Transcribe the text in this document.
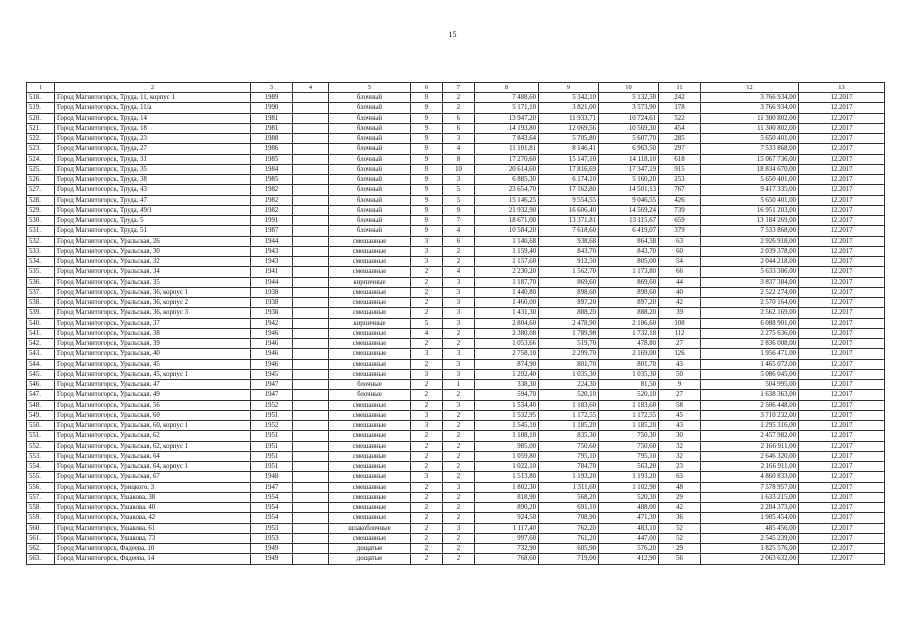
15
1	2	3	4	5	6	7	8	9	10	11	12	13
518.	Город Магнитогорск, Труда, 11, корпус 1	1989		блочный	9	2	7 488,60	5 342,10	5 132,50	242	3 766 934,00	12.2017
519.	Город Магнитогорск, Труда, 11/а	1990		блочный	9	2	5 171,10	3 821,00	3 573,90	178	3 766 934,00	12.2017
520.	Город Магнитогорск, Труда, 14	1981		блочный	9	6	13 947,20	11 933,71	10 724,61	522	11 300 802,00	12.2017
521.	Город Магнитогорск, Труда, 18	1981		блочный	9	6	14 193,80	12 069,56	10 569,30	454	11 300 802,00	12.2017
522.	Город Магнитогорск, Труда, 23	1988		блочный	9	3	7 843,64	5 705,80	5 607,70	285	5 650 401,00	12.2017
523.	Город Магнитогорск, Труда, 27	1986		блочный	9	4	11 101,81	8 146,41	6 963,50	297	7 533 868,00	12.2017
524.	Город Магнитогорск, Труда, 31	1985		блочный	9	8	17 270,60	15 147,10	14 118,10	618	15 067 736,00	12.2017
525.	Город Магнитогорск, Труда, 35	1984		блочный	9	10	20 614,60	17 816,69	17 347,19	915	18 834 670,00	12.2017
526.	Город Магнитогорск, Труда, 38	1985		блочный	9	3	6 885,30	6 174,10	5 160,20	253	5 650 401,00	12.2017
527.	Город Магнитогорск, Труда, 43	1982		блочный	9	5	23 654,70	17 162,80	14 501,13	767	9 417 335,00	12.2017
528.	Город Магнитогорск, Труда, 47	1982		блочный	9	5	15 146,25	9 554,55	9 046,55	426	5 650 401,00	12.2017
529.	Город Магнитогорск, Труда, 49/1	1982		блочный	9	9	21 932,90	16 606,40	14 569,24	739	16 951 203,00	12.2017
530.	Город Магнитогорск, Труда, 5	1991		блочный	9	7	18 671,00	13 371,81	13 115,67	659	13 184 269,00	12.2017
531.	Город Магнитогорск, Труда, 51	1987		блочный	9	4	10 584,20	7 618,60	6 419,07	379	7 533 868,00	12.2017
532.	Город Магнитогорск, Уральская, 26	1944		смешанные	3	6	1 140,68	938,68	864,58	63	2 926 918,00	12.2017
533.	Город Магнитогорск, Уральская, 30	1943		смешанные	3	2	1 159,40	843,70	843,70	60	2 039 378,00	12.2017
534.	Город Магнитогорск, Уральская, 32	1943		смешанные	3	2	1 157,60	912,50	805,00	54	2 044 218,00	12.2017
535.	Город Магнитогорск, Уральская, 34	1941		смешанные	2	4	2 230,20	1 562,70	1 173,80	66	5 633 386,00	12.2017
536.	Город Магнитогорск, Уральская, 35	1944		кирпичные	2	3	1 187,70	869,60	869,60	44	3 837 384,00	12.2017
537.	Город Магнитогорск, Уральская, 36, корпус 1	1938		смешанные	2	3	1 440,80	898,60	898,60	40	2 522 274,00	12.2017
538.	Город Магнитогорск, Уральская, 36, корпус 2	1938		смешанные	2	3	1 460,00	897,20	897,20	42	2 570 164,00	12.2017
539.	Город Магнитогорск, Уральская, 36, корпус 3	1938		смешанные	2	3	1 431,30	888,20	888,20	39	2 562 169,00	12.2017
540.	Город Магнитогорск, Уральская, 37	1942		кирпичные	5	3	2 804,60	2 478,90	2 186,60	108	6 088 901,00	12.2017
541.	Город Магнитогорск, Уральская, 38	1946		смешанные	4	2	2 380,08	1 789,98	1 732,18	112	2 275 636,00	12.2017
542.	Город Магнитогорск, Уральская, 39	1946		смешанные	2	2	1 053,66	519,70	478,80	27	2 836 008,00	12.2017
543.	Город Магнитогорск, Уральская, 40	1946		смешанные	3	3	2 758,10	2 299,70	2 169,00	126	1 956 471,00	12.2017
544.	Город Магнитогорск, Уральская, 45	1946		смешанные	2	3	874,90	801,70	801,70	43	1 465 072,00	12.2017
545.	Город Магнитогорск, Уральская, 45, корпус 1	1945		смешанные	3	3	1 292,40	1 035,30	1 035,30	50	5 086 045,00	12.2017
546.	Город Магнитогорск, Уральская, 47	1947		блочные	2	1	338,30	224,30	81,50	9	504 995,00	12.2017
547.	Город Магнитогорск, Уральская, 49	1947		блочные	2	2	594,70	520,10	520,10	27	1 638 363,00	12.2017
548.	Город Магнитогорск, Уральская, 56	1952		смешанные	2	3	1 534,40	1 183,60	1 183,60	58	2 506 448,00	12.2017
549.	Город Магнитогорск, Уральская, 60	1951		смешанные	3	2	1 532,95	1 172,55	1 172,55	45	3 710 232,00	12.2017
550.	Город Магнитогорск, Уральская, 60, корпус 1	1952		смешанные	3	2	1 545,10	1 185,20	1 185,20	43	1 295 316,00	12.2017
551.	Город Магнитогорск, Уральская, 62	1951		смешанные	2	2	1 108,10	835,30	750,30	30	2 457 982,00	12.2017
552.	Город Магнитогорск, Уральская, 62, корпус 1	1951		смешанные	2	2	985,00	750,60	750,60	32	2 166 911,00	12.2017
553.	Город Магнитогорск, Уральская, 64	1951		смешанные	2	2	1 059,80	795,10	795,10	32	2 646 320,00	12.2017
554.	Город Магнитогорск, Уральская, 64, корпус 1	1951		смешанные	2	2	1 022,10	784,70	563,20	23	2 166 911,00	12.2017
555.	Город Магнитогорск, Уральская, 67	1948		смешанные	3	2	1 513,80	1 193,20	1 193,20	63	4 860 833,00	12.2017
556.	Город Магнитогорск, Урицкого, 3	1947		смешанные	2	3	1 802,30	1 311,60	1 102,90	48	7 578 957,00	12.2017
557.	Город Магнитогорск, Ушакова, 38	1954		смешанные	2	2	818,90	568,20	520,30	29	1 633 215,00	12.2017
558.	Город Магнитогорск, Ушакова, 40	1954		смешанные	2	2	890,20	691,10	488,00	42	2 284 373,00	12.2017
559.	Город Магнитогорск, Ушакова, 42	1954		смешанные	2	2	924,50	708,90	471,30	36	1 905 454,00	12.2017
560.	Город Магнитогорск, Ушакова, 61	1953		шлакоблочные	2	3	1 117,40	762,20	483,10	52	485 456,00	12.2017
561.	Город Магнитогорск, Ушакова, 73	1953		смешанные	2	2	997,60	761,20	447,00	52	2 545 239,00	12.2017
562.	Город Магнитогорск, Фадеева, 10	1949		дощатые	2	2	732,90	605,90	576,20	29	1 825 576,00	12.2017
563.	Город Магнитогорск, Фадеева, 14	1949		дощатые	2	2	768,60	719,00	412,90	56	2 063 632,00	12.2017
